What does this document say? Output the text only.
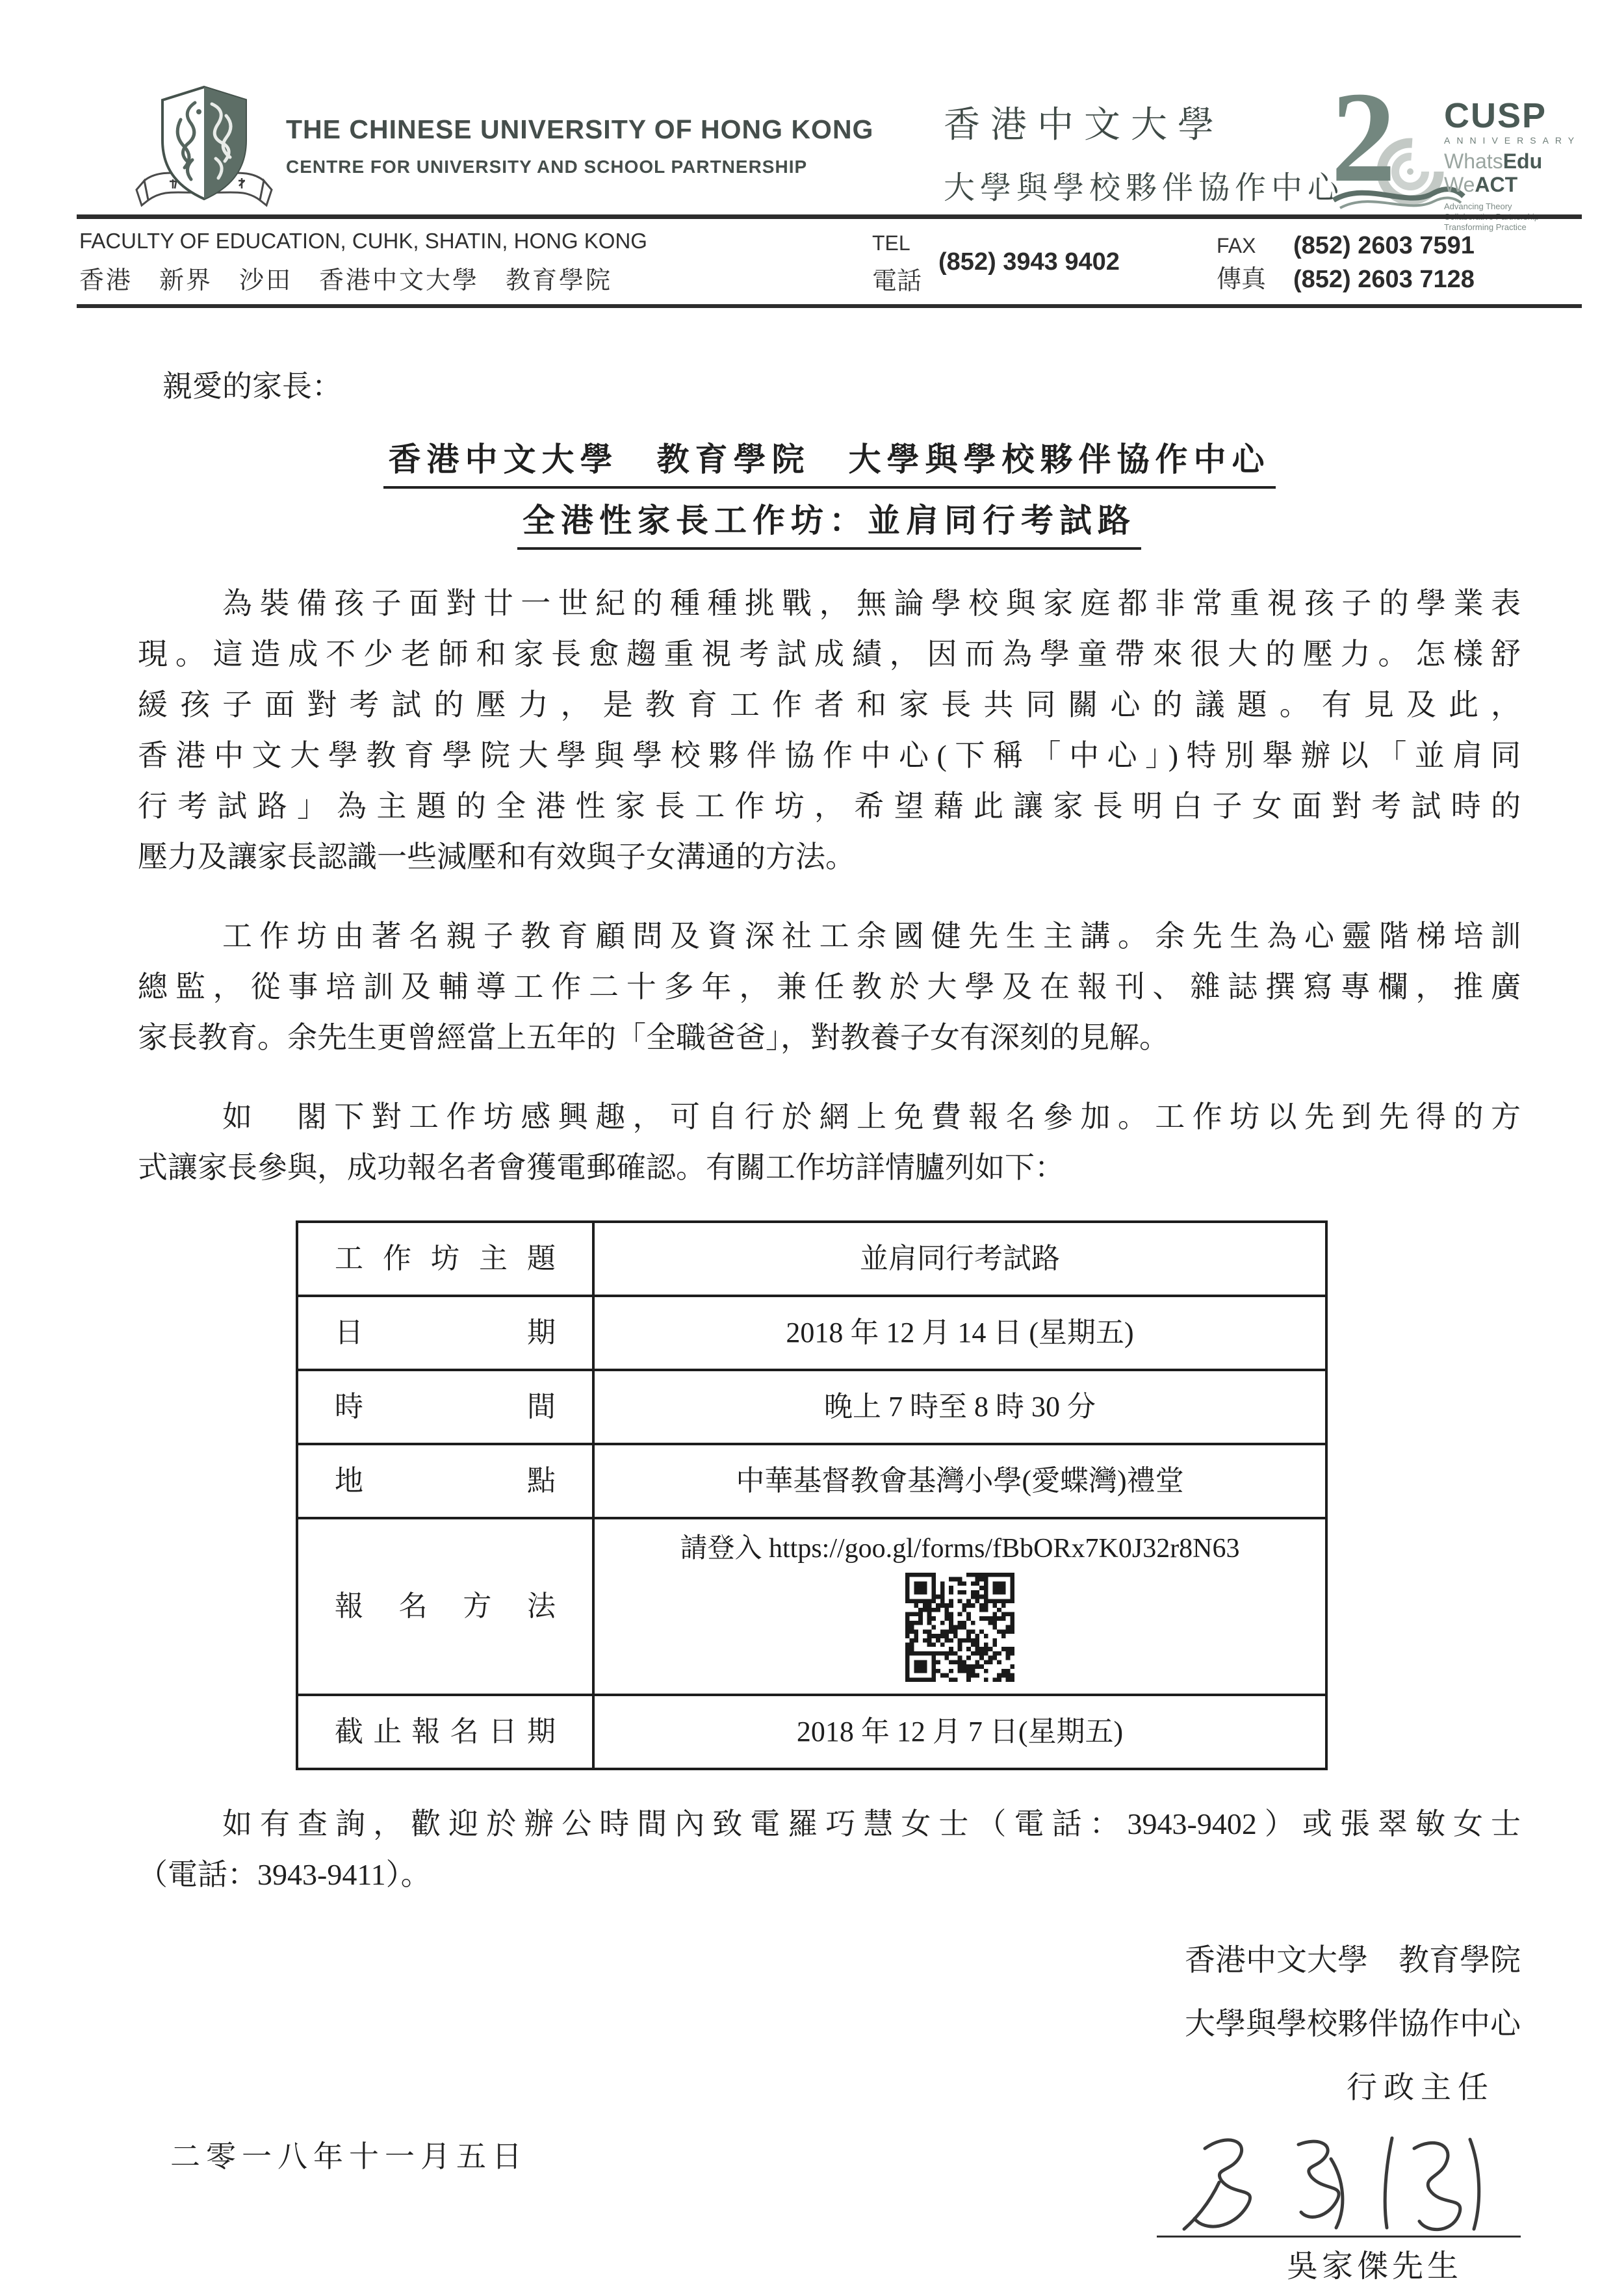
THE CHINESE UNIVERSITY OF HONG KONG
CENTRE FOR UNIVERSITY AND SCHOOL PARTNERSHIP
香港中文大學
大學與學校夥伴協作中心
2 CUSP
ANNIVERSARY
WhatsEdu
WeACT
Advancing Theory
Transforming Practice
FACULTY OF EDUCATION, CUHK, SHATIN, HONG KONG
香港　新界　沙田　香港中文大學　教育學院
TEL
電話
(852) 3943 9402
FAX	(852) 2603 7591
傳真	(852) 2603 7128
親愛的家長：
香港中文大學　教育學院　大學與學校夥伴協作中心
全港性家長工作坊：並肩同行考試路
為裝備孩子面對廿一世紀的種種挑戰，無論學校與家庭都非常重視孩子的學業表
現。這造成不少老師和家長愈趨重視考試成績，因而為學童帶來很大的壓力。怎樣舒
緩孩子面對考試的壓力，是教育工作者和家長共同關心的議題。有見及此，
香港中文大學教育學院大學與學校夥伴協作中心(下稱「中心」)特別舉辦以「並肩同
行考試路」為主題的全港性家長工作坊，希望藉此讓家長明白子女面對考試時的
壓力及讓家長認識一些減壓和有效與子女溝通的方法。
工作坊由著名親子教育顧問及資深社工余國健先生主講。余先生為心靈階梯培訓
總監，從事培訓及輔導工作二十多年，兼任教於大學及在報刊、雜誌撰寫專欄，推廣
家長教育。余先生更曾經當上五年的「全職爸爸」，對教養子女有深刻的見解。
如　閣下對工作坊感興趣，可自行於網上免費報名參加。工作坊以先到先得的方
式讓家長參與，成功報名者會獲電郵確認。有關工作坊詳情臚列如下：
工作坊主題	並肩同行考試路
日期	2018 年 12 月 14 日 (星期五)
時間	晚上 7 時至 8 時 30 分
地點	中華基督教會基灣小學(愛蝶灣)禮堂
報名方法	請登入 https://goo.gl/forms/fBbORx7K0J32r8N63

截止報名日期	2018 年 12 月 7 日(星期五)
如有查詢，歡迎於辦公時間內致電羅巧慧女士（電話：3943-9402）或張翠敏女士
（電話：3943-9411）。
香港中文大學　教育學院
大學與學校夥伴協作中心
行政主任
吳家傑先生
二零一八年十一月五日
